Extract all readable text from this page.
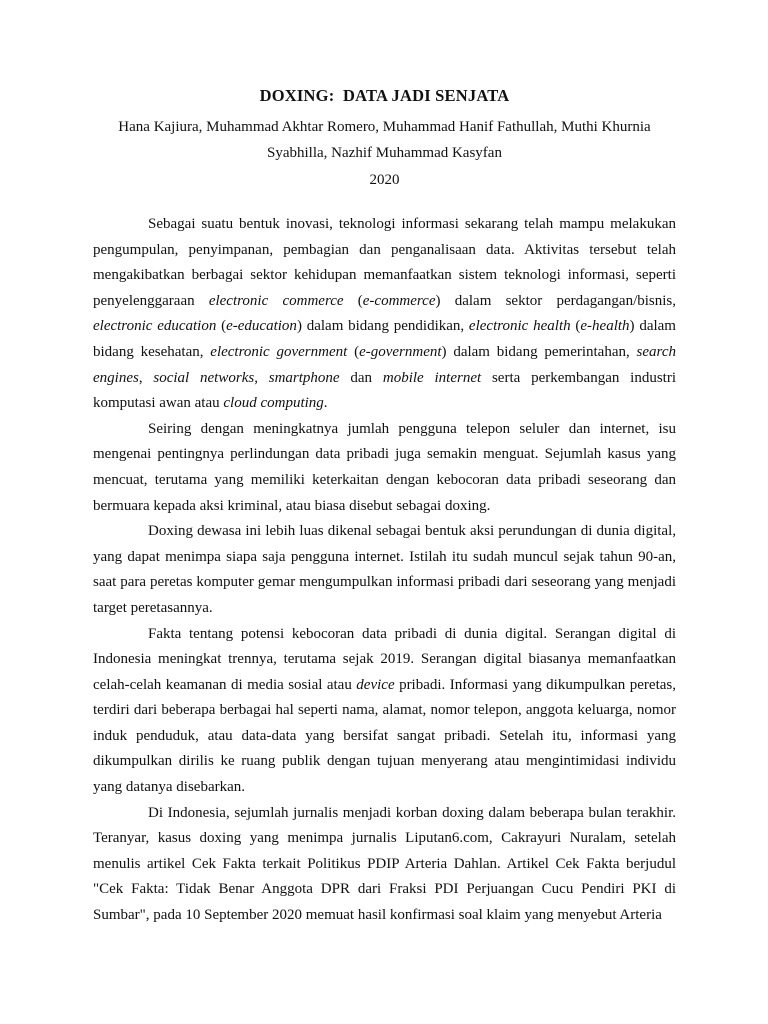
DOXING:  DATA JADI SENJATA

Hana Kajiura, Muhammad Akhtar Romero, Muhammad Hanif Fathullah, Muthi Khurnia
Syabhilla, Nazhif Muhammad Kasyfan

2020

Sebagai suatu bentuk inovasi, teknologi informasi sekarang telah mampu melakukan pengumpulan, penyimpanan, pembagian dan penganalisaan data. Aktivitas tersebut telah mengakibatkan berbagai sektor kehidupan memanfaatkan sistem teknologi informasi, seperti penyelenggaraan electronic commerce (e-commerce) dalam sektor perdagangan/bisnis, electronic education (e-education) dalam bidang pendidikan, electronic health (e-health) dalam bidang kesehatan, electronic government (e-government) dalam bidang pemerintahan, search engines, social networks, smartphone dan mobile internet serta perkembangan industri komputasi awan atau cloud computing.

Seiring dengan meningkatnya jumlah pengguna telepon seluler dan internet, isu mengenai pentingnya perlindungan data pribadi juga semakin menguat. Sejumlah kasus yang mencuat, terutama yang memiliki keterkaitan dengan kebocoran data pribadi seseorang dan bermuara kepada aksi kriminal, atau biasa disebut sebagai doxing.

Doxing dewasa ini lebih luas dikenal sebagai bentuk aksi perundungan di dunia digital, yang dapat menimpa siapa saja pengguna internet. Istilah itu sudah muncul sejak tahun 90-an, saat para peretas komputer gemar mengumpulkan informasi pribadi dari seseorang yang menjadi target peretasannya.

Fakta tentang potensi kebocoran data pribadi di dunia digital. Serangan digital di Indonesia meningkat trennya, terutama sejak 2019. Serangan digital biasanya memanfaatkan celah-celah keamanan di media sosial atau device pribadi. Informasi yang dikumpulkan peretas, terdiri dari beberapa berbagai hal seperti nama, alamat, nomor telepon, anggota keluarga, nomor induk penduduk, atau data-data yang bersifat sangat pribadi. Setelah itu, informasi yang dikumpulkan dirilis ke ruang publik dengan tujuan menyerang atau mengintimidasi individu yang datanya disebarkan.

Di Indonesia, sejumlah jurnalis menjadi korban doxing dalam beberapa bulan terakhir. Teranyar, kasus doxing yang menimpa jurnalis Liputan6.com, Cakrayuri Nuralam, setelah menulis artikel Cek Fakta terkait Politikus PDIP Arteria Dahlan. Artikel Cek Fakta berjudul "Cek Fakta: Tidak Benar Anggota DPR dari Fraksi PDI Perjuangan Cucu Pendiri PKI di Sumbar", pada 10 September 2020 memuat hasil konfirmasi soal klaim yang menyebut Arteria
